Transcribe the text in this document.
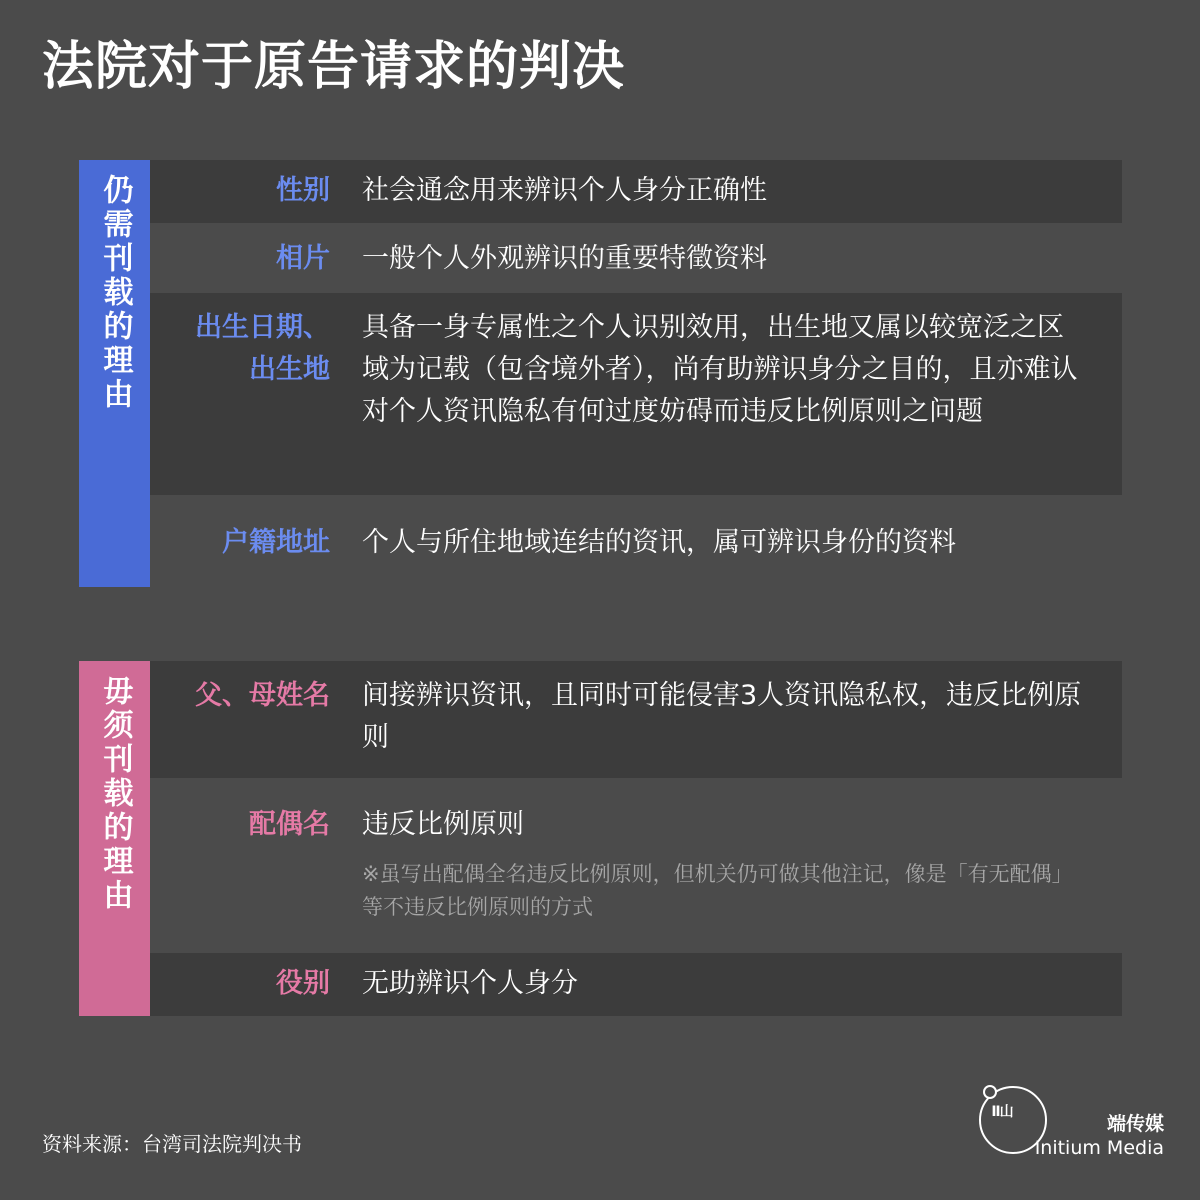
法院对于原告请求的判决
仍需刊载的理由	性别 社会通念用来辨识个人身分正确性
相片 一般个人外观辨识的重要特徵资料
出生日期、
出生地
具备一身专属性之个人识别效用，出生地又属以较宽泛之区域为记载（包含境外者），尚有助辨识身分之目的，且亦难认对个人资讯隐私有何过度妨碍而违反比例原则之问题
户籍地址 个人与所住地域连结的资讯，属可辨识身份的资料
毋须刊载的理由 父、母姓名 间接辨识资讯，且同时可能侵害3人资讯隐私权，违反比例原则
配偶名 违反比例原则
※虽写出配偶全名违反比例原则，但机关仍可做其他注记，像是「有无配偶」等不违反比例原则的方式
役别 无助辨识个人身分
资料来源：台湾司法院判决书
Ⅱ山
端传媒
Initium Media
